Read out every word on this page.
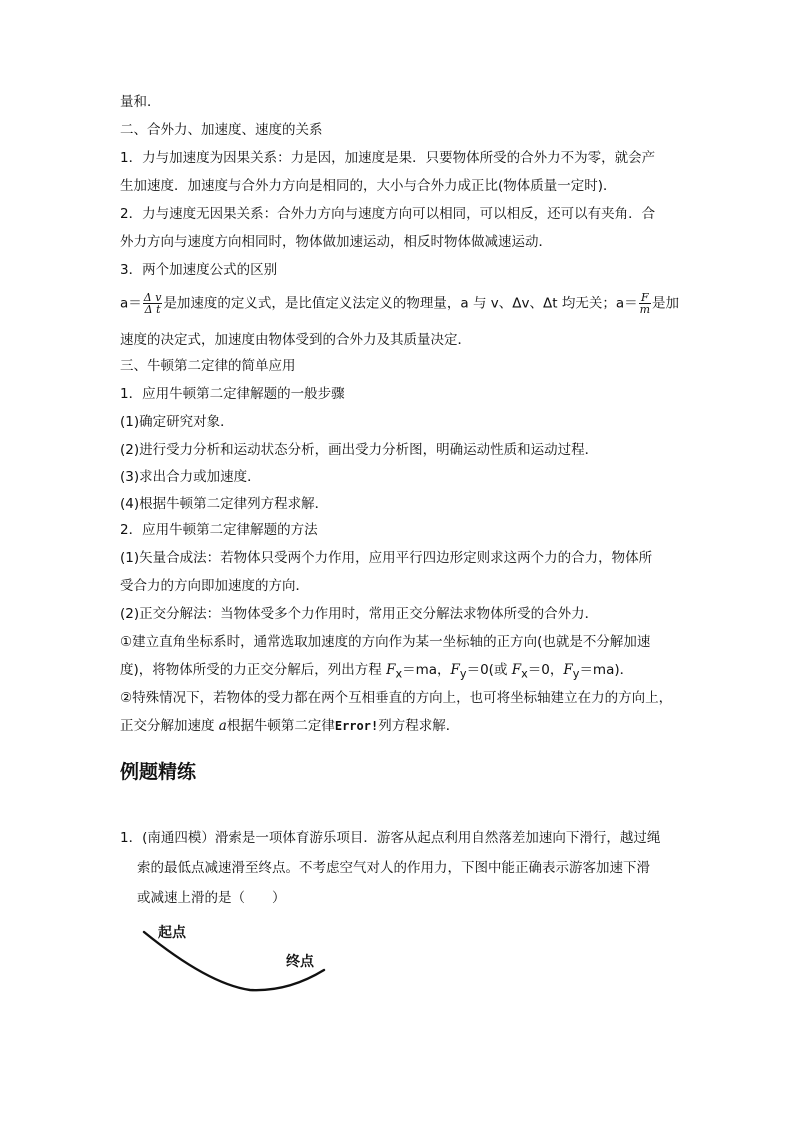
量和．
二、合外力、加速度、速度的关系
1．力与加速度为因果关系：力是因，加速度是果．只要物体所受的合外力不为零，就会产
生加速度．加速度与合外力方向是相同的，大小与合外力成正比(物体质量一定时)．
2．力与速度无因果关系：合外力方向与速度方向可以相同，可以相反，还可以有夹角．合
外力方向与速度方向相同时，物体做加速运动，相反时物体做减速运动．
3．两个加速度公式的区别
$a= \frac{\text{Δ v}}{\text{Δ t}}$ 是加速度的定义式，是比值定义法定义的物理量，a 与 v、Δv、Δt 均无关；$a= \frac{F}{m}$ 是加
速度的决定式，加速度由物体受到的合外力及其质量决定．
三、牛顿第二定律的简单应用
1．应用牛顿第二定律解题的一般步骤
(1)确定研究对象．
(2)进行受力分析和运动状态分析，画出受力分析图，明确运动性质和运动过程．
(3)求出合力或加速度．
(4)根据牛顿第二定律列方程求解．
2．应用牛顿第二定律解题的方法
(1)矢量合成法：若物体只受两个力作用，应用平行四边形定则求这两个力的合力，物体所
受合力的方向即加速度的方向．
(2)正交分解法：当物体受多个力作用时，常用正交分解法求物体所受的合外力．
①建立直角坐标系时，通常选取加速度的方向作为某一坐标轴的正方向(也就是不分解加速
度)，将物体所受的力正交分解后，列出方程 $F_x=ma$，$F_y=0$(或 $F_x=0$，$F_y=ma$)．
②特殊情况下，若物体的受力都在两个互相垂直的方向上，也可将坐标轴建立在力的方向上，
正交分解加速度 a根据牛顿第二定律Error!列方程求解．
例题精练
1．(南通四模）滑索是一项体育游乐项目．游客从起点利用自然落差加速向下滑行，越过绳
索的最低点减速滑至终点。不考虑空气对人的作用力，下图中能正确表示游客加速下滑
或减速上滑的是（　　）
起点
终点
